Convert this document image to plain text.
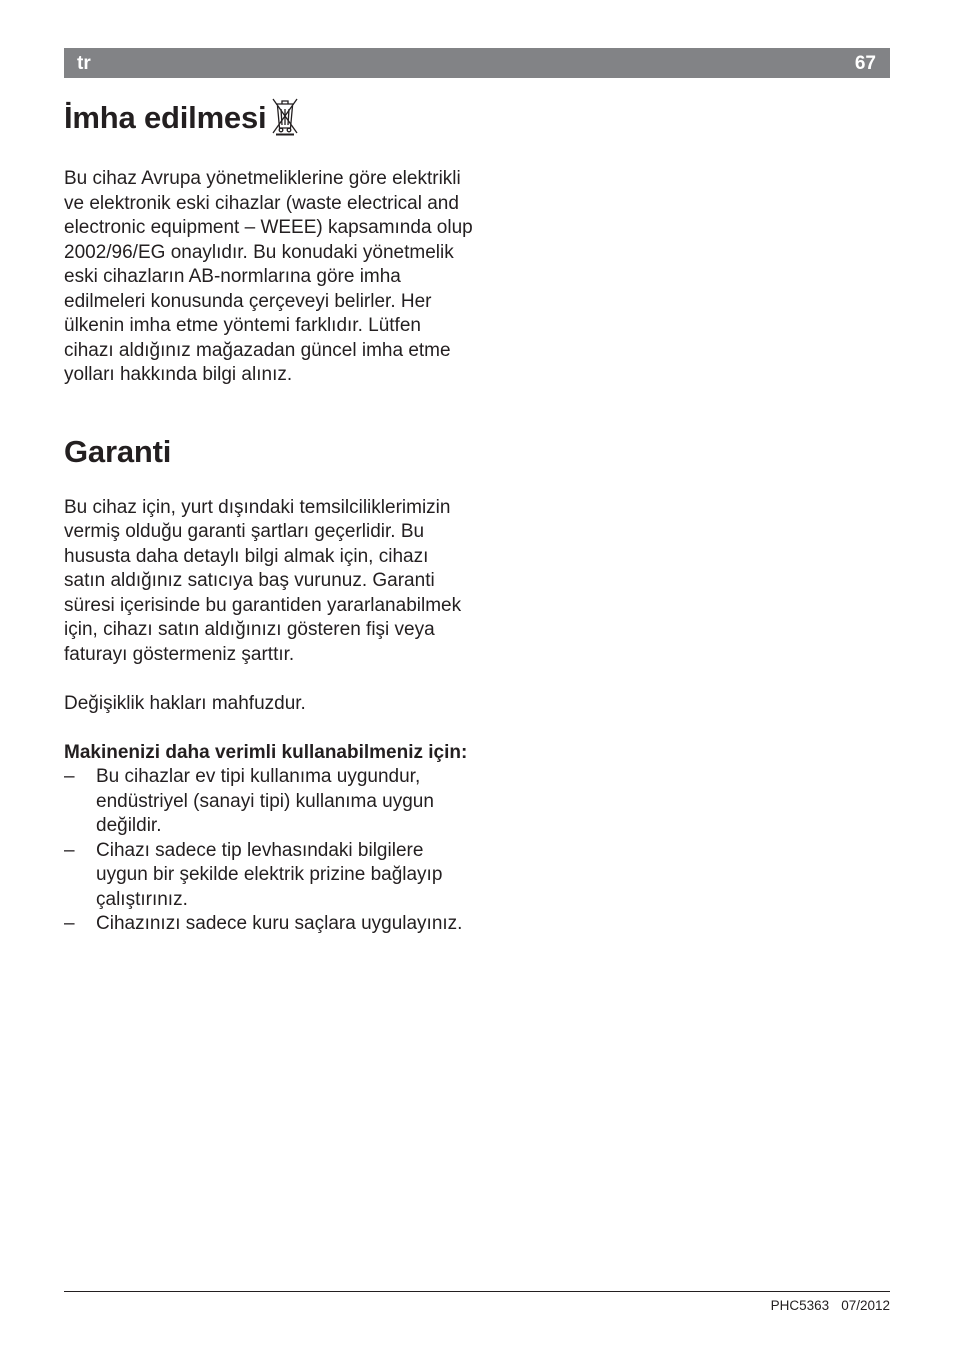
tr	67
İmha edilmesi

Bu cihaz Avrupa yönetmeliklerine göre elektrikli ve elektronik eski cihazlar (waste electrical and electronic equipment – WEEE) kapsamında olup 2002/96/EG onaylıdır. Bu konudaki yönetmelik eski cihazların AB-normlarına göre imha edilmeleri konusunda çerçeveyi belirler. Her ülkenin imha etme yöntemi farklıdır. Lütfen cihazı aldığınız mağazadan güncel imha etme yolları hakkında bilgi alınız.

Garanti

Bu cihaz için, yurt dışındaki temsilciliklerimizin vermiş olduğu garanti şartları geçerlidir. Bu hususta daha detaylı bilgi almak için, cihazı satın aldığınız satıcıya baş vurunuz. Garanti süresi içerisinde bu garantiden yararlanabilmek için, cihazı satın aldığınızı gösteren fişi veya faturayı göstermeniz şarttır.

Değişiklik hakları mahfuzdur.

Makinenizi daha verimli kullanabilmeniz için:

– Bu cihazlar ev tipi kullanıma uygundur, endüstriyel (sanayi tipi) kullanıma uygun değildir.
– Cihazı sadece tip levhasındaki bilgilere uygun bir şekilde elektrik prizine bağlayıp çalıştırınız.
– Cihazınızı sadece kuru saçlara uygulayınız.
PHC5363 07/2012
